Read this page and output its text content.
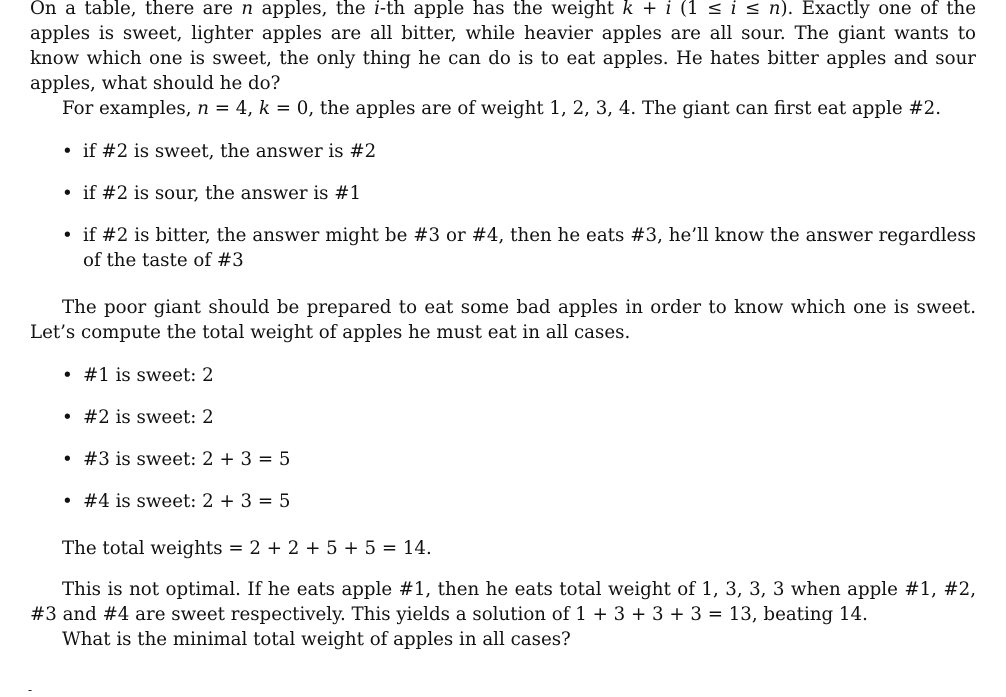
On a table, there are n apples, the i-th apple has the weight k + i (1 ≤ i ≤ n). Exactly one of the apples is sweet, lighter apples are all bitter, while heavier apples are all sour. The giant wants to know which one is sweet, the only thing he can do is to eat apples. He hates bitter apples and sour apples, what should he do?

For examples, n = 4, k = 0, the apples are of weight 1, 2, 3, 4. The giant can first eat apple #2.

• if #2 is sweet, the answer is #2
• if #2 is sour, the answer is #1
• if #2 is bitter, the answer might be #3 or #4, then he eats #3, he’ll know the answer regardless of the taste of #3

The poor giant should be prepared to eat some bad apples in order to know which one is sweet. Let’s compute the total weight of apples he must eat in all cases.

• #1 is sweet: 2
• #2 is sweet: 2
• #3 is sweet: 2 + 3 = 5
• #4 is sweet: 2 + 3 = 5

The total weights = 2 + 2 + 5 + 5 = 14.

This is not optimal. If he eats apple #1, then he eats total weight of 1, 3, 3, 3 when apple #1, #2, #3 and #4 are sweet respectively. This yields a solution of 1 + 3 + 3 + 3 = 13, beating 14.

What is the minimal total weight of apples in all cases?

-
